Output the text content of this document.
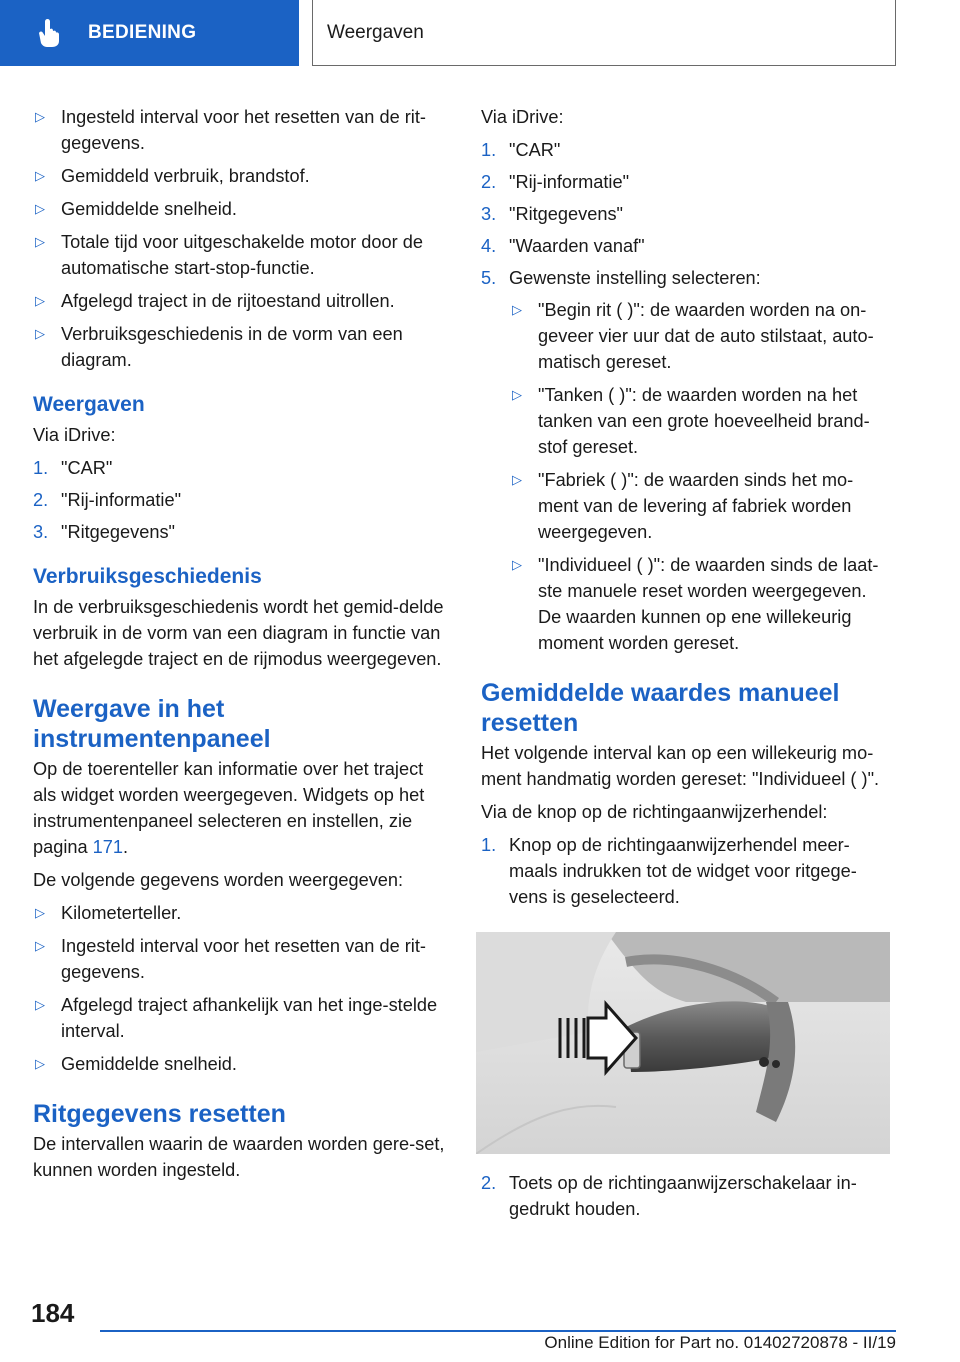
BEDIENING	Weergaven
▷ Ingesteld interval voor het resetten van de rit-gegevens.
▷ Gemiddeld verbruik, brandstof.
▷ Gemiddelde snelheid.
▷ Totale tijd voor uitgeschakelde motor door de automatische start-stop-functie.
▷ Afgelegd traject in de rijtoestand uitrollen.
▷ Verbruiksgeschiedenis in de vorm van een diagram.
Weergaven
Via iDrive:
1. "CAR"
2. "Rij-informatie"
3. "Ritgegevens"
Verbruiksgeschiedenis
In de verbruiksgeschiedenis wordt het gemid-delde verbruik in de vorm van een diagram in functie van het afgelegde traject en de rijmodus weergegeven.
Weergave in het instrumentenpaneel
Op de toerenteller kan informatie over het traject als widget worden weergegeven. Widgets op het instrumentenpaneel selecteren en instellen, zie pagina 171.
De volgende gegevens worden weergegeven:
▷ Kilometerteller.
▷ Ingesteld interval voor het resetten van de rit-gegevens.
▷ Afgelegd traject afhankelijk van het inge-stelde interval.
▷ Gemiddelde snelheid.
Ritgegevens resetten
De intervallen waarin de waarden worden gere-set, kunnen worden ingesteld.
Via iDrive:
1. "CAR"
2. "Rij-informatie"
3. "Ritgegevens"
4. "Waarden vanaf"
5. Gewenste instelling selecteren:
▷ "Begin rit ( )": de waarden worden na on-geveer vier uur dat de auto stilstaat, auto-matisch gereset.
▷ "Tanken ( )": de waarden worden na het tanken van een grote hoeveelheid brand-stof gereset.
▷ "Fabriek ( )": de waarden sinds het mo-ment van de levering af fabriek worden weergegeven.
▷ "Individueel ( )": de waarden sinds de laat-ste manuele reset worden weergegeven. De waarden kunnen op ene willekeurig moment worden gereset.
Gemiddelde waardes manueel resetten
Het volgende interval kan op een willekeurig mo-ment handmatig worden gereset: "Individueel ( )".
Via de knop op de richtingaanwijzerhendel:
1. Knop op de richtingaanwijzerhendel meer-maals indrukken tot de widget voor ritgege-vens is geselecteerd.
2. Toets op de richtingaanwijzerschakelaar in-gedrukt houden.
184
Online Edition for Part no. 01402720878 - II/19
